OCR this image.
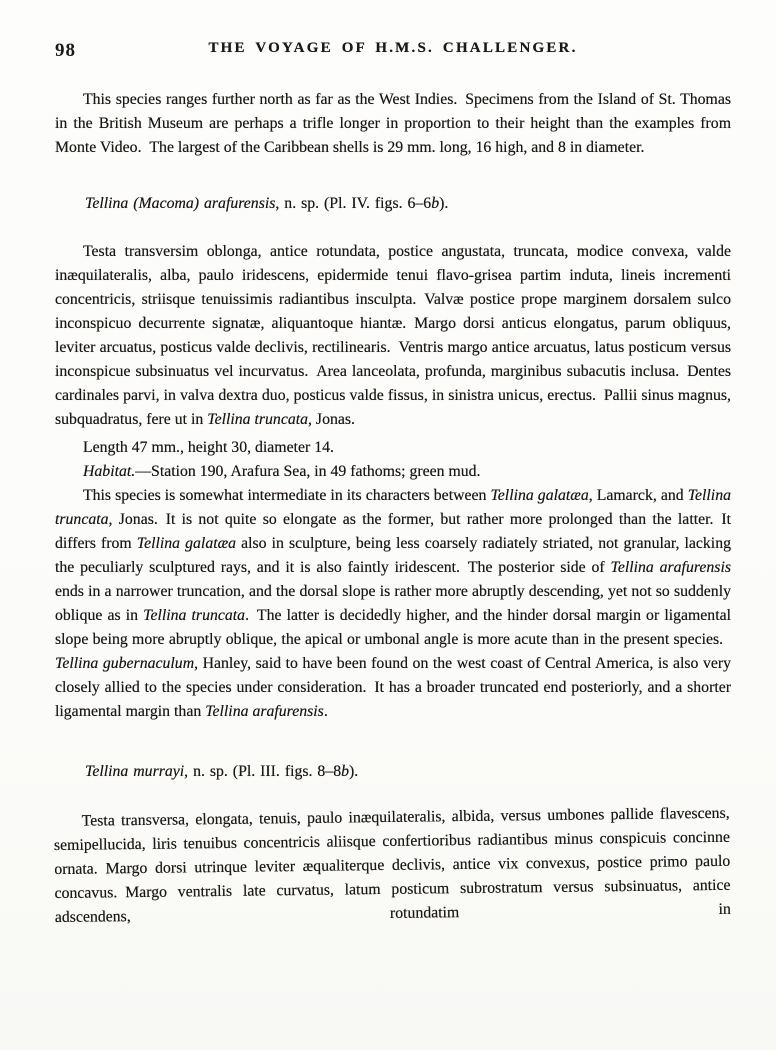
98	THE VOYAGE OF H.M.S. CHALLENGER.

This species ranges further north as far as the West Indies. Specimens from the Island of St. Thomas in the British Museum are perhaps a trifle longer in proportion to their height than the examples from Monte Video. The largest of the Caribbean shells is 29 mm. long, 16 high, and 8 in diameter.

Tellina (Macoma) arafurensis, n. sp. (Pl. IV. figs. 6–6b).

Testa transversim oblonga, antice rotundata, postice angustata, truncata, modice convexa, valde inæquilateralis, alba, paulo iridescens, epidermide tenui flavo-grisea partim induta, lineis incrementi concentricis, striisque tenuissimis radiantibus insculpta. Valvæ postice prope marginem dorsalem sulco inconspicuo decurrente signatæ, aliquantoque hiantæ. Margo dorsi anticus elongatus, parum obliquus, leviter arcuatus, posticus valde declivis, rectilinearis. Ventris margo antice arcuatus, latus posticum versus inconspicue subsinuatus vel incurvatus. Area lanceolata, profunda, marginibus subacutis inclusa. Dentes cardinales parvi, in valva dextra duo, posticus valde fissus, in sinistra unicus, erectus. Pallii sinus magnus, subquadratus, fere ut in Tellina truncata, Jonas.

Length 47 mm., height 30, diameter 14.

Habitat.—Station 190, Arafura Sea, in 49 fathoms; green mud.

This species is somewhat intermediate in its characters between Tellina galatæa, Lamarck, and Tellina truncata, Jonas. It is not quite so elongate as the former, but rather more prolonged than the latter. It differs from Tellina galatæa also in sculpture, being less coarsely radiately striated, not granular, lacking the peculiarly sculptured rays, and it is also faintly iridescent. The posterior side of Tellina arafurensis ends in a narrower truncation, and the dorsal slope is rather more abruptly descending, yet not so suddenly oblique as in Tellina truncata. The latter is decidedly higher, and the hinder dorsal margin or ligamental slope being more abruptly oblique, the apical or umbonal angle is more acute than in the present species. Tellina gubernaculum, Hanley, said to have been found on the west coast of Central America, is also very closely allied to the species under consideration. It has a broader truncated end posteriorly, and a shorter ligamental margin than Tellina arafurensis.

Tellina murrayi, n. sp. (Pl. III. figs. 8–8b).

Testa transversa, elongata, tenuis, paulo inæquilateralis, albida, versus umbones pallide flavescens, semipellucida, liris tenuibus concentricis aliisque confertioribus radiantibus minus conspicuis concinne ornata. Margo dorsi utrinque leviter æqualiterque declivis, antice vix convexus, postice primo paulo concavus. Margo ventralis late curvatus, latum posticum subrostratum versus subsinuatus, antice adscendens, rotundatim in
